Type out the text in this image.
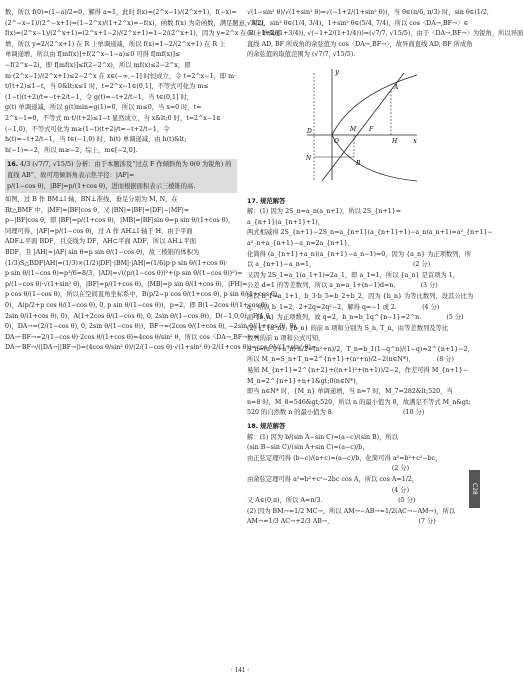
数，所以 f(0)=(1−a)/2=0，解得 a=1，此时 f(x)=(2^x−1)/(2^x+1)，f(−x)=
(2^−x−1)/(2^−x+1)=(1−2^x)/(1+2^x)=−f(x)，函数 f(x) 为奇函数，满足题意，所以
f(x)=(2^x−1)/(2^x+1)=(2^x+1−2)/(2^x+1)=1−2/(2^x+1)，因为 y=2^x 在 R 上单调递
增，所以 y=2/(2^x+1) 在 R 上单调递减，所以 f(x)=1−2/(2^x+1) 在 R 上
单调递增，所以由 f[mf(x)]+f(2^x−1−a)≤0 可得 f[mf(x)]≤
−f(2^x−2)，即 f[mf(x)]≤f(2−2^x)，所以 mf(x)≤2−2^x，即
m·(2^x−1)/(2^x+1)≤2−2^x 在 x∈(−∞,−1] 时恒成立，令 t=2^x−1，即 m·
t/(t+2)≤1−t，当 0&lt;x≤1 时，t=2^x−1∈(0,1]，不等式可化为 m≤
(1−t)(t+2)/t=−t+2/t−1，令 g(t)=−t+2/t−1，当 t∈(0,1] 时，
g(t) 单调递减，所以 g(t)min=g(1)=0，所以 m≤0，当 x=0 时，t=
2^x−1=0，不等式 m·t/(t+2)≤1−t 显然成立，当 x&lt;0 时，t=2^x−1∈
(−1,0)，不等式可化为 m≥(1−t)(t+2)/t=−t+2/t−1，令
h(t)=−t+2/t−1，当 t∈(−1,0) 时，h(t) 单调递减，由 h(t)&lt;
h(−1)=−2，所以 m≥−2，综上，m∈[−2,0].
16. 4/3 (√7/7, √15/5) 分析：由于本题涉及“过点 F 作倾斜角为 θ(θ 为锐角) 的直线 AB”，故可用倾斜角表示焦半径：|AF|=
p/(1−cos θ)，|BF|=p/(1+cos θ)，进而根据面积表示三棱锥的高.
如图，过 B 作 BM⊥l 轴，BN⊥准线，垂足分别为 M, N，在
Rt△BMF 中，|MF|=|BF|cos θ，又 |BN|=|BF|=|DF|−|MF|=
p−|BF|cos θ，即 |BF|=p/(1+cos θ)，|MB|=|BF|sin θ=p sin θ/(1+cos θ)，
同理可得，|AF|=p/(1−cos θ)，过 A 作 AH⊥l 轴于 H，由于平面
ADF⊥平面 BDF，且交线为 DF，AH⊂平面 ADF，所以 AH⊥平面
BDF，且 |AH|=|AF| sin θ=p sin θ/(1−cos θ)，故三棱锥的体积为
(1/3)S△BDF|AH|=(1/3)×(1/2)|DF|·|BM|·|AH|=(1/6)p·p sin θ/(1+cos θ)·
p sin θ/(1−cos θ)=p³/6=8/3，|AD|=√((p/(1−cos θ))²+(p sin θ/(1−cos θ))²)=
p/(1−cos θ)·√(1+sin² θ)，|BF|=p/(1+cos θ)，|MB|=p sin θ/(1+cos θ)，|FH|=
p cos θ/(1−cos θ)，所以在空间直角坐标系中，B(p/2−p cos θ/(1+cos θ), p sin θ/(1+cos θ),
0)，A(p/2+p cos θ/(1−cos θ), 0, p sin θ/(1−cos θ))，p=2，即 B(1−2cos θ/(1+cos θ),
2sin θ/(1+cos θ), 0)，A(1+2cos θ/(1−cos θ), 0, 2sin θ/(1−cos θ))，D(−1,0,0)，F(1,0,
0)，DA→=(2/(1−cos θ), 0, 2sin θ/(1−cos θ))，BF→=(2cos θ/(1+cos θ), −2sin θ/(1+cos θ), 0)，
DA→·BF→=2/(1−cos θ)·2cos θ/(1+cos θ)=4cos θ/sin² θ，所以 cos〈DA→,BF→〉=
DA→·BF→/(|DA→||BF→|)=(4cos θ/sin² θ)/(2/(1−cos θ)·√(1+sin² θ)·2/(1+cos θ))=cos θ/√(1+sin² θ)=
√(1−sin² θ)/√(1+sin² θ)=√(−1+2/(1+sin² θ))，当 θ∈(π/6, π/3) 时，sin θ∈(1/2,
√3/2)，sin² θ∈(1/4, 3/4)，1+sin² θ∈(5/4, 7/4)，所以 cos〈DA→,BF→〉∈
(√(−1+2/(1+3/4)), √(−1+2/(1+1/4)))=(√7/7, √15/5)，由于〈DA→,BF→〉为锐角，所以异面
直线 AD, BF 所成角的余弦值为 cos〈DA→,BF→〉，故异面直线 AD, BF 所成角
的余弦值的取值范围为 (√7/7, √15/5).
y
x
O
A
B
D	F
H
M
N
17. 规范解答
解：(1) 因为 2S_n=a_n(a_n+1)，所以 2S_{n+1}=
a_{n+1}(a_{n+1}+1)，
两式相减得 2S_{n+1}−2S_n=a_{n+1}(a_{n+1}+1)−a_n(a_n+1)=a²_{n+1}−
a²_n+a_{n+1}−a_n=2a_{n+1}，
化简得 (a_{n+1}+a_n)(a_{n+1}−a_n−1)=0，因为 {a_n} 为正项数列，所
以 a_{n+1}−a_n=1，　　　　　　　　　　　　　　　　(2 分)
又因为 2S_1=a_1(a_1+1)=2a_1，即 a_1=1，所以 {a_n} 是首项为 1，
公差 d=1 的等差数列，所以 a_n=a_1+(n−1)d=n.　　　　(3 分)
所以 b_1=a_1+1，b_3·b_5=b_2+b_2，因为 {b_n} 为等比数列，设其公比为
q，所以 b_1=2，2+2q=2q²−2，解得 q=−1 或 2.　　　　(4 分)
而 {b_n} 为正项数列，故 q=2，b_n=b_1q^{n−1}=2^n.　　　　(5 分)
(2) 记 {a_n}, {b_n} 的前 n 项和分别为 S_n, T_n，由等差数列及等比
数列的前 n 项和公式可知，
S_n=(a_1+a_n)·n/2=(n²+n)/2，T_n=b_1(1−q^n)/(1−q)=2^{n+1}−2，
所以 M_n=S_n+T_n=2^{n+1}+(n²+n)/2−2(n∈N*)，　　　　(8 分)
易知 M_{n+1}=2^{n+2}+((n+1)²+(n+1))/2−2，作差可得 M_{n+1}−
M_n=2^{n+1}+n+1&gt;0(n∈N*)，
即当 n∈N* 时，{M_n} 单调递增，当 n=7 时，M_7=282&lt;520，当
n=8 时，M_8=546&gt;520，所以 n 的最小值为 8，故满足不等式 M_n&gt;
520 的自然数 n 的最小值为 8.　　　　　　　　　　　(10 分)
18. 规范解答
解：(1) 因为 b/(sin A−sin C)=(a−c)/(sin B)，所以
(sin B−sin C)/(sin A+sin C)=(a−c)/b，
由正弦定理可得 (b−c)/(a+c)=(a−c)/b，化简可得 a²=b²+c²−bc，
　　　　　　　　　　　　　　　　　　　　　　　(2 分)
由余弦定理可得 a²=b²+c²−2bc cos A，所以 cos A=1/2，
　　　　　　　　　　　　　　　　　　　　　　　(4 分)
又 A∈(0,π)，所以 A=π/3.　　　　　　　　　　　　(5 分)
(2) 因为 BM→=1/2 MC→，所以 AM→−AB→=1/2(AC→−AM→)，所以
AM→=1/3 AC→+2/3 AB→，　　　　　　　　　　　　　　(7 分)
C28
· 141 ·
